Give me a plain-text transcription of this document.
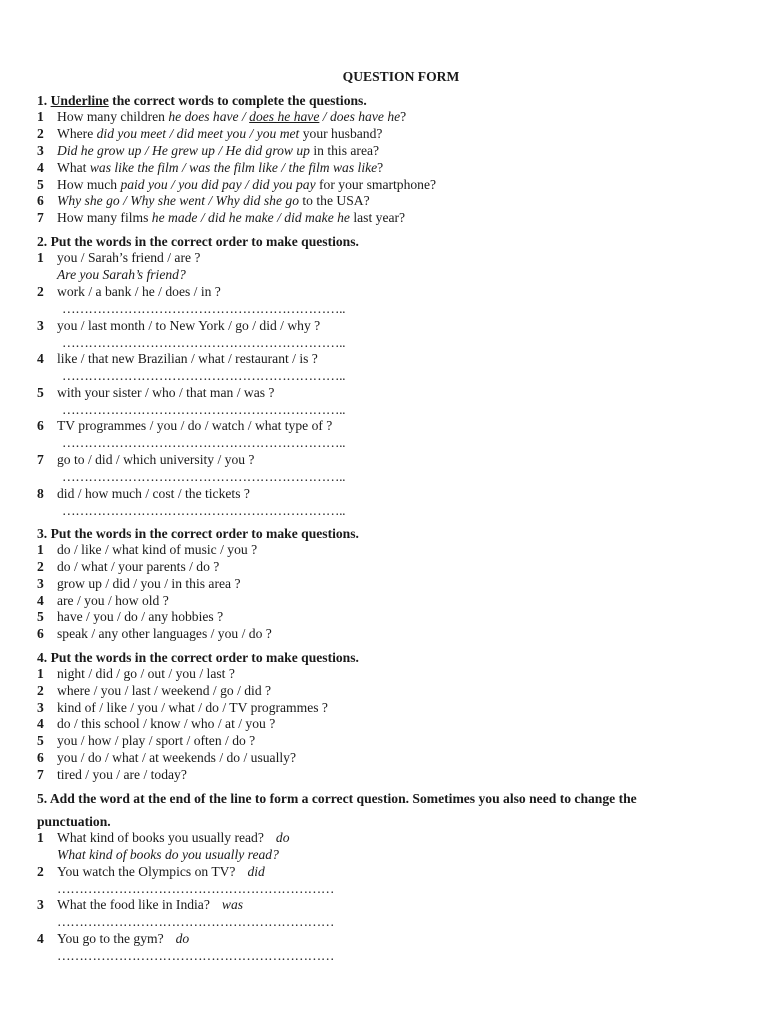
QUESTION FORM
1. Underline the correct words to complete the questions.
1 How many children he does have / does he have / does have he?
2 Where did you meet / did meet you / you met your husband?
3 Did he grow up / He grew up / He did grow up in this area?
4 What was like the film / was the film like / the film was like?
5 How much paid you / you did pay / did you pay for your smartphone?
6 Why she go / Why she went / Why did she go to the USA?
7 How many films he made / did he make / did make he last year?
2. Put the words in the correct order to make questions.
1 you / Sarah’s friend / are ?
Are you Sarah’s friend?
2 work / a bank / he / does / in ?
………………………………………………………..
3 you / last month / to New York / go / did / why ?
………………………………………………………..
4 like / that new Brazilian / what / restaurant / is ?
………………………………………………………..
5 with your sister / who / that man / was ?
………………………………………………………..
6 TV programmes / you / do / watch / what type of ?
………………………………………………………..
7 go to / did / which university / you ?
………………………………………………………..
8 did / how much / cost / the tickets ?
………………………………………………………..
3. Put the words in the correct order to make questions.
1 do / like / what kind of music / you ?
2 do / what / your parents / do ?
3 grow up / did / you / in this area ?
4 are / you / how old ?
5 have / you / do / any hobbies ?
6 speak / any other languages / you / do ?
4. Put the words in the correct order to make questions.
1 night / did / go / out / you / last ?
2 where / you / last / weekend / go / did ?
3 kind of / like / you / what / do / TV programmes ?
4 do / this school / know / who / at / you ?
5 you / how / play / sport / often / do ?
6 you / do / what / at weekends / do / usually?
7 tired / you / are / today?
5. Add the word at the end of the line to form a correct question. Sometimes you also need to change the
punctuation.
1 What kind of books you usually read? do
What kind of books do you usually read?
2 You watch the Olympics on TV? did
………………………………………………………
3 What the food like in India? was
………………………………………………………
4 You go to the gym? do
………………………………………………………
